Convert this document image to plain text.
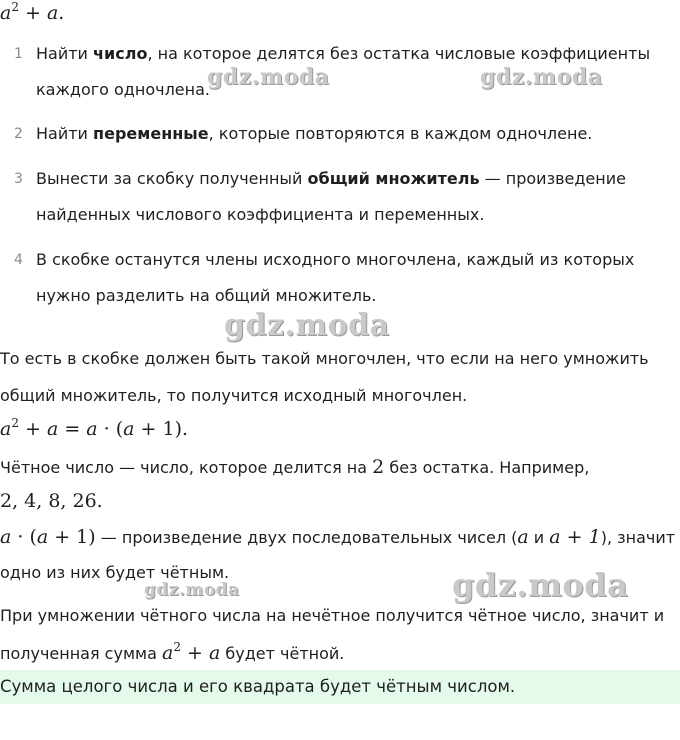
$a^2 + a$.
1 Найти число, на которое делятся без остатка числовые коэффициенты каждого одночлена.
2 Найти переменные, которые повторяются в каждом одночлене.
3 Вынести за скобку полученный общий множитель — произведение найденных числового коэффициента и переменных.
4 В скобке останутся члены исходного многочлена, каждый из которых нужно разделить на общий множитель.
То есть в скобке должен быть такой многочлен, что если на него умножить
общий множитель, то получится исходный многочлен.
$a^2 + a = a \cdot (a + 1)$.
Чётное число — число, которое делится на 2 без остатка. Например,
2, 4, 8, 26.
a · (a + 1) — произведение двух последовательных чисел (a и a + 1), значит
одно из них будет чётным.
При умножении чётного числа на нечётное получится чётное число, значит и
полученная сумма $a^2 + a$ будет чётной.
Сумма целого числа и его квадрата будет чётным числом.
gdz.moda	gdz.moda
gdz.moda
gdz.moda	gdz.moda
